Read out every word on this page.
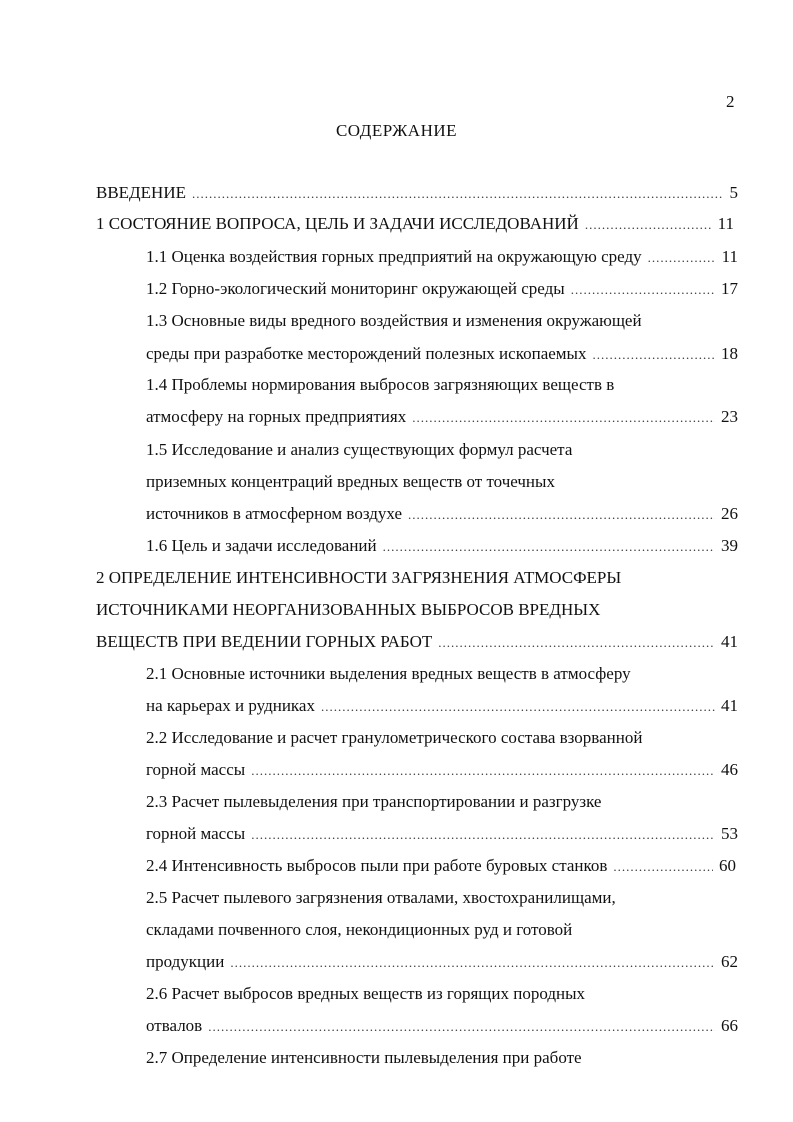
2
СОДЕРЖАНИЕ
ВВЕДЕНИЕ .....	5
1 СОСТОЯНИЕ ВОПРОСА, ЦЕЛЬ И ЗАДАЧИ ИССЛЕДОВАНИЙ .....	11
1.1 Оценка воздействия горных предприятий на окружающую среду .....	11
1.2 Горно-экологический мониторинг окружающей среды .....	17
1.3 Основные виды вредного воздействия и изменения окружающей
среды при разработке месторождений полезных ископаемых .....	18
1.4 Проблемы нормирования выбросов загрязняющих веществ в
атмосферу на горных предприятиях .....	23
1.5 Исследование и анализ существующих формул расчета
приземных концентраций вредных веществ от точечных
источников в атмосферном воздухе .....	26
1.6 Цель и задачи исследований .....	39
2 ОПРЕДЕЛЕНИЕ ИНТЕНСИВНОСТИ ЗАГРЯЗНЕНИЯ АТМОСФЕРЫ
ИСТОЧНИКАМИ НЕОРГАНИЗОВАННЫХ ВЫБРОСОВ ВРЕДНЫХ
ВЕЩЕСТВ ПРИ ВЕДЕНИИ ГОРНЫХ РАБОТ .....	41
2.1 Основные источники выделения вредных веществ в атмосферу
на карьерах и рудниках .....	41
2.2 Исследование и расчет гранулометрического состава взорванной
горной массы .....	46
2.3 Расчет пылевыделения при транспортировании и разгрузке
горной массы .....	53
2.4 Интенсивность выбросов пыли при работе буровых станков .....	60
2.5 Расчет пылевого загрязнения отвалами, хвостохранилищами,
складами почвенного слоя, некондиционных руд и готовой
продукции .....	62
2.6 Расчет выбросов вредных веществ из горящих породных
отвалов .....	66
2.7 Определение интенсивности пылевыделения при работе
